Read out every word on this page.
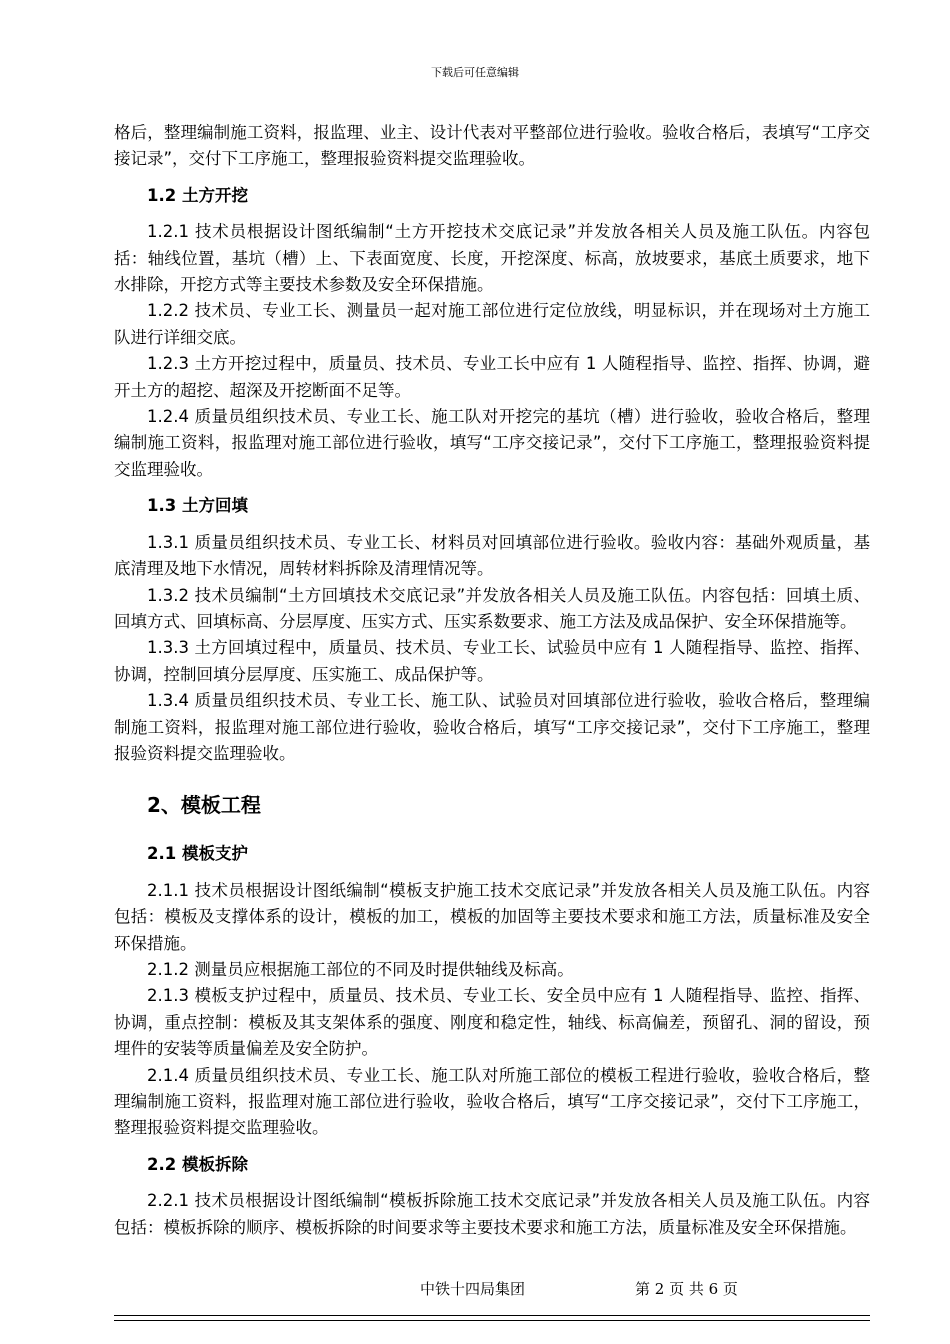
下载后可任意编辑

格后，整理编制施工资料，报监理、业主、设计代表对平整部位进行验收。验收合格后，表填写“工序交接记录”，交付下工序施工，整理报验资料提交监理验收。

1.2 土方开挖

1.2.1 技术员根据设计图纸编制“土方开挖技术交底记录”并发放各相关人员及施工队伍。内容包括：轴线位置，基坑（槽）上、下表面宽度、长度，开挖深度、标高，放坡要求，基底土质要求，地下水排除，开挖方式等主要技术参数及安全环保措施。

1.2.2 技术员、专业工长、测量员一起对施工部位进行定位放线，明显标识，并在现场对土方施工队进行详细交底。

1.2.3 土方开挖过程中，质量员、技术员、专业工长中应有 1 人随程指导、监控、指挥、协调，避开土方的超挖、超深及开挖断面不足等。

1.2.4 质量员组织技术员、专业工长、施工队对开挖完的基坑（槽）进行验收，验收合格后，整理编制施工资料，报监理对施工部位进行验收，填写“工序交接记录”，交付下工序施工，整理报验资料提交监理验收。

1.3 土方回填

1.3.1 质量员组织技术员、专业工长、材料员对回填部位进行验收。验收内容：基础外观质量，基底清理及地下水情况，周转材料拆除及清理情况等。

1.3.2 技术员编制“土方回填技术交底记录”并发放各相关人员及施工队伍。内容包括：回填土质、回填方式、回填标高、分层厚度、压实方式、压实系数要求、施工方法及成品保护、安全环保措施等。

1.3.3 土方回填过程中，质量员、技术员、专业工长、试验员中应有 1 人随程指导、监控、指挥、协调，控制回填分层厚度、压实施工、成品保护等。

1.3.4 质量员组织技术员、专业工长、施工队、试验员对回填部位进行验收，验收合格后，整理编制施工资料，报监理对施工部位进行验收，验收合格后，填写“工序交接记录”，交付下工序施工，整理报验资料提交监理验收。

2、模板工程
2.1 模板支护

2.1.1 技术员根据设计图纸编制“模板支护施工技术交底记录”并发放各相关人员及施工队伍。内容包括：模板及支撑体系的设计，模板的加工，模板的加固等主要技术要求和施工方法，质量标准及安全环保措施。

2.1.2 测量员应根据施工部位的不同及时提供轴线及标高。

2.1.3 模板支护过程中，质量员、技术员、专业工长、安全员中应有 1 人随程指导、监控、指挥、协调，重点控制：模板及其支架体系的强度、刚度和稳定性，轴线、标高偏差，预留孔、洞的留设，预埋件的安装等质量偏差及安全防护。

2.1.4 质量员组织技术员、专业工长、施工队对所施工部位的模板工程进行验收，验收合格后，整理编制施工资料，报监理对施工部位进行验收，验收合格后，填写“工序交接记录”，交付下工序施工，整理报验资料提交监理验收。

2.2 模板拆除

2.2.1 技术员根据设计图纸编制“模板拆除施工技术交底记录”并发放各相关人员及施工队伍。内容包括：模板拆除的顺序、模板拆除的时间要求等主要技术要求和施工方法，质量标准及安全环保措施。

中铁十四局集团	第 2 页 共 6 页
